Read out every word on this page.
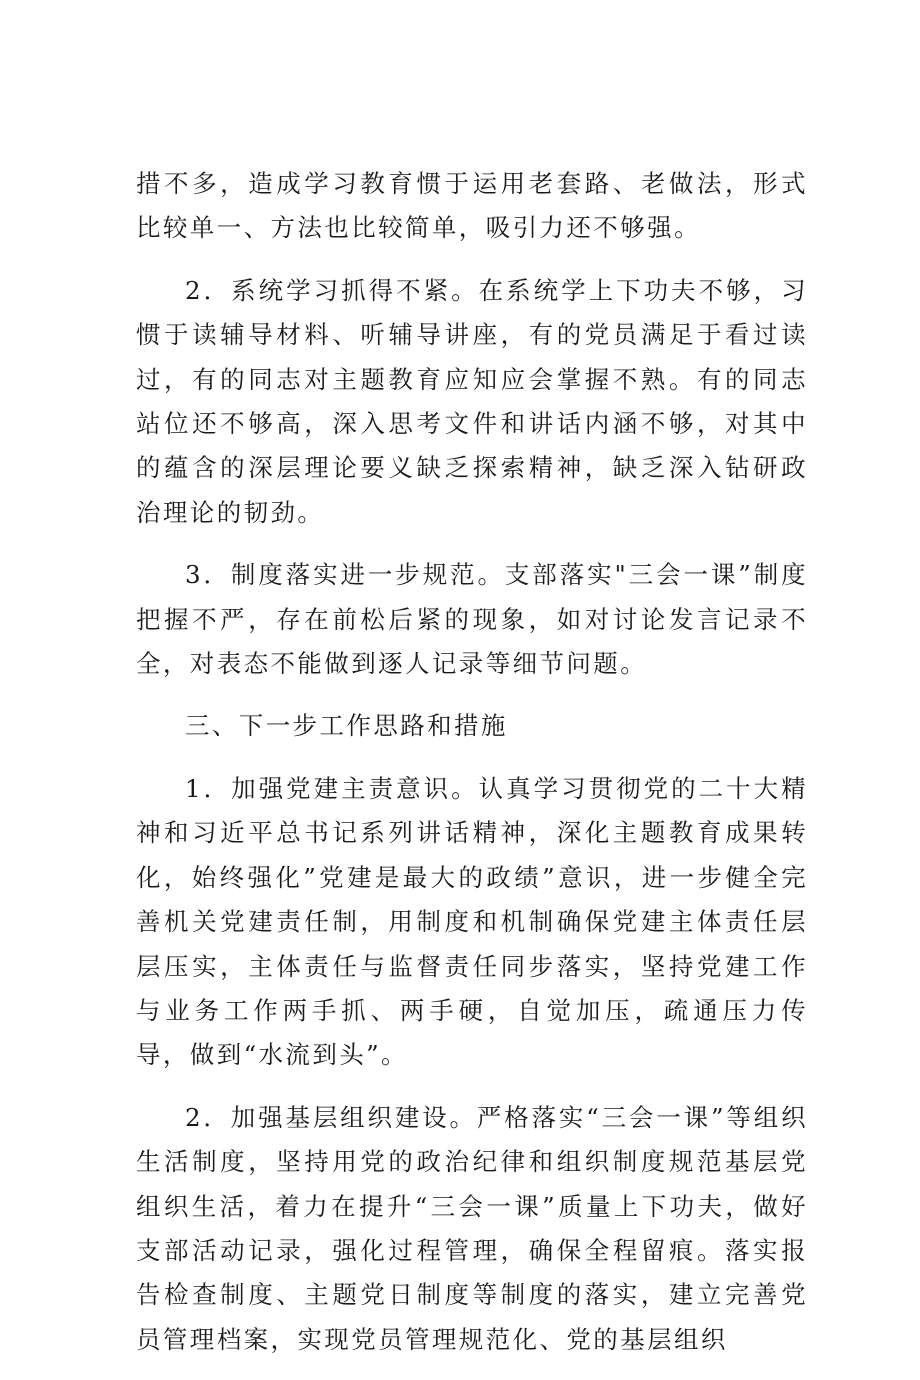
措不多，造成学习教育惯于运用老套路、老做法，形式比较单一、方法也比较简单，吸引力还不够强。

2．系统学习抓得不紧。在系统学上下功夫不够，习惯于读辅导材料、听辅导讲座，有的党员满足于看过读过，有的同志对主题教育应知应会掌握不熟。有的同志站位还不够高，深入思考文件和讲话内涵不够，对其中的蕴含的深层理论要义缺乏探索精神，缺乏深入钻研政治理论的韧劲。

3．制度落实进一步规范。支部落实"三会一课”制度把握不严，存在前松后紧的现象，如对讨论发言记录不全，对表态不能做到逐人记录等细节问题。

三、下一步工作思路和措施

1．加强党建主责意识。认真学习贯彻党的二十大精神和习近平总书记系列讲话精神，深化主题教育成果转化，始终强化”党建是最大的政绩”意识，进一步健全完善机关党建责任制，用制度和机制确保党建主体责任层层压实，主体责任与监督责任同步落实，坚持党建工作与业务工作两手抓、两手硬，自觉加压，疏通压力传导，做到“水流到头”。

2．加强基层组织建设。严格落实“三会一课”等组织生活制度，坚持用党的政治纪律和组织制度规范基层党组织生活，着力在提升“三会一课”质量上下功夫，做好支部活动记录，强化过程管理，确保全程留痕。落实报告检查制度、主题党日制度等制度的落实，建立完善党员管理档案，实现党员管理规范化、党的基层组织
